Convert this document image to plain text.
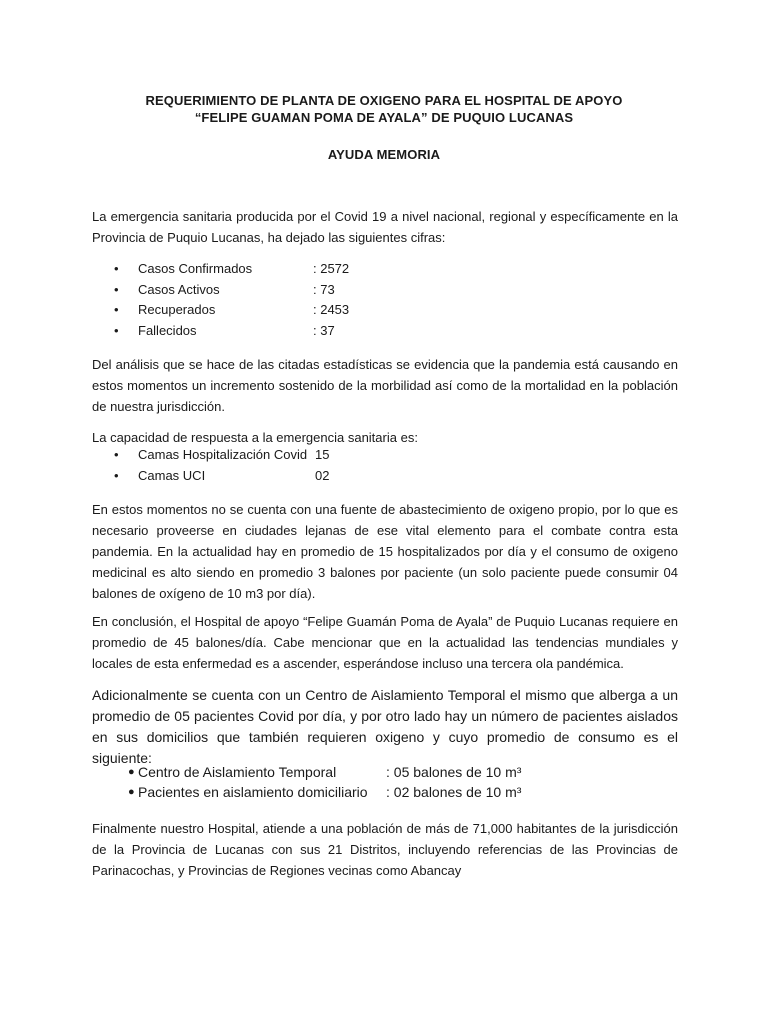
REQUERIMIENTO DE PLANTA DE OXIGENO PARA EL HOSPITAL DE APOYO
“FELIPE GUAMAN POMA DE AYALA” DE PUQUIO LUCANAS
AYUDA MEMORIA
La emergencia sanitaria producida por el Covid 19 a nivel nacional, regional y específicamente en la Provincia de Puquio Lucanas, ha dejado las siguientes cifras:
• Casos Confirmados	: 2572
• Casos Activos	: 73
• Recuperados	: 2453
• Fallecidos	: 37
Del análisis que se hace de las citadas estadísticas se evidencia que la pandemia está causando en estos momentos un incremento sostenido de la morbilidad así como de la mortalidad en la población de nuestra jurisdicción.
La capacidad de respuesta a la emergencia sanitaria es:
• Camas Hospitalización Covid 15
• Camas UCI	02
En estos momentos no se cuenta con una fuente de abastecimiento de oxigeno propio, por lo que es necesario proveerse en ciudades lejanas de ese vital elemento para el combate contra esta pandemia. En la actualidad hay en promedio de 15 hospitalizados por día y el consumo de oxigeno medicinal es alto siendo en promedio 3 balones por paciente (un solo paciente puede consumir 04 balones de oxígeno de 10 m3 por día).
En conclusión, el Hospital de apoyo “Felipe Guamán Poma de Ayala” de Puquio Lucanas requiere en promedio de 45 balones/día. Cabe mencionar que en la actualidad las tendencias mundiales y locales de esta enfermedad es a ascender, esperándose incluso una tercera ola pandémica.
Adicionalmente se cuenta con un Centro de Aislamiento Temporal el mismo que alberga a un promedio de 05 pacientes Covid por día, y por otro lado hay un número de pacientes aislados en sus domicilios que también requieren oxigeno y cuyo promedio de consumo es el siguiente:
● Centro de Aislamiento Temporal	: 05 balones de 10 m³
● Pacientes en aislamiento domiciliario : 02 balones de 10 m³
Finalmente nuestro Hospital, atiende a una población de más de 71,000 habitantes de la jurisdicción de la Provincia de Lucanas con sus 21 Distritos, incluyendo referencias de las Provincias de Parinacochas, y Provincias de Regiones vecinas como Abancay
